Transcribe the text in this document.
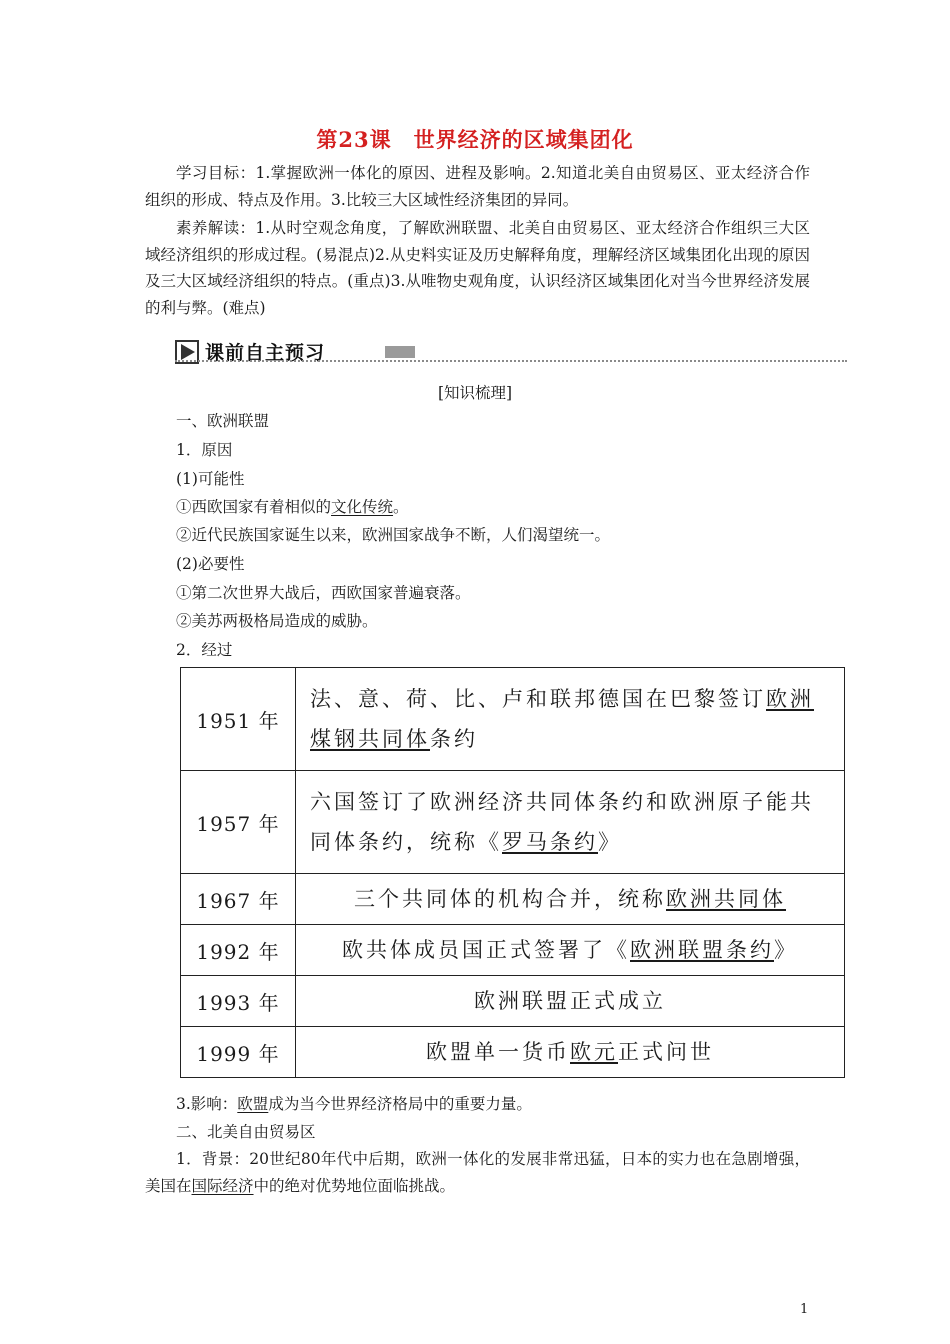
第23课　世界经济的区域集团化

学习目标：1.掌握欧洲一体化的原因、进程及影响。2.知道北美自由贸易区、亚太经济合作组织的形成、特点及作用。3.比较三大区域性经济集团的异同。

素养解读：1.从时空观念角度，了解欧洲联盟、北美自由贸易区、亚太经济合作组织三大区域经济组织的形成过程。(易混点)2.从史料实证及历史解释角度，理解经济区域集团化出现的原因及三大区域经济组织的特点。(重点)3.从唯物史观角度，认识经济区域集团化对当今世界经济发展的利与弊。(难点)

课前自主预习
[知识梳理]
一、欧洲联盟
1．原因
(1)可能性
①西欧国家有着相似的文化传统。
②近代民族国家诞生以来，欧洲国家战争不断，人们渴望统一。
(2)必要性
①第二次世界大战后，西欧国家普遍衰落。
②美苏两极格局造成的威胁。
2．经过
1951 年	法、意、荷、比、卢和联邦德国在巴黎签订欧洲煤钢共同体条约
1957 年	六国签订了欧洲经济共同体条约和欧洲原子能共同体条约，统称《罗马条约》
1967 年	三个共同体的机构合并，统称欧洲共同体
1992 年	欧共体成员国正式签署了《欧洲联盟条约》
1993 年	欧洲联盟正式成立
1999 年	欧盟单一货币欧元正式问世
3.影响：欧盟成为当今世界经济格局中的重要力量。
二、北美自由贸易区

1．背景：20世纪80年代中后期，欧洲一体化的发展非常迅猛，日本的实力也在急剧增强，美国在国际经济中的绝对优势地位面临挑战。

1
